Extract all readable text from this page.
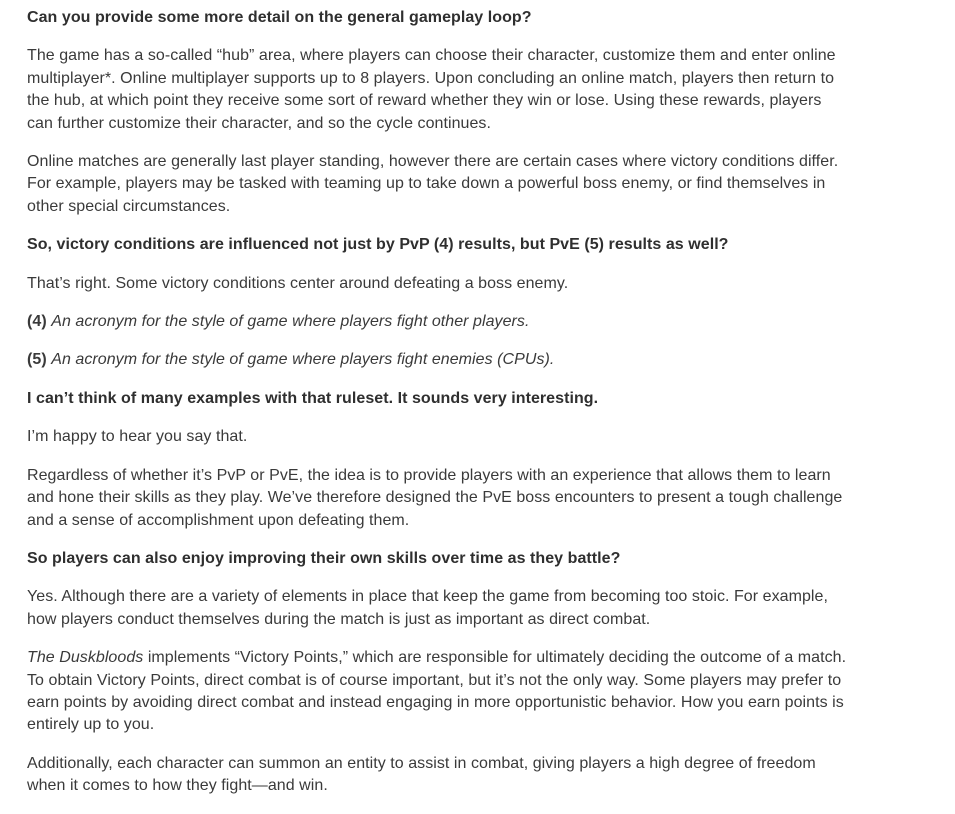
Can you provide some more detail on the general gameplay loop?

The game has a so-called “hub” area, where players can choose their character, customize them and enter online multiplayer*. Online multiplayer supports up to 8 players. Upon concluding an online match, players then return to the hub, at which point they receive some sort of reward whether they win or lose. Using these rewards, players can further customize their character, and so the cycle continues.

Online matches are generally last player standing, however there are certain cases where victory conditions differ. For example, players may be tasked with teaming up to take down a powerful boss enemy, or find themselves in other special circumstances.

So, victory conditions are influenced not just by PvP (4) results, but PvE (5) results as well?

That’s right. Some victory conditions center around defeating a boss enemy.

(4) An acronym for the style of game where players fight other players.

(5) An acronym for the style of game where players fight enemies (CPUs).

I can’t think of many examples with that ruleset. It sounds very interesting.

I’m happy to hear you say that.

Regardless of whether it’s PvP or PvE, the idea is to provide players with an experience that allows them to learn and hone their skills as they play. We’ve therefore designed the PvE boss encounters to present a tough challenge and a sense of accomplishment upon defeating them.

So players can also enjoy improving their own skills over time as they battle?

Yes. Although there are a variety of elements in place that keep the game from becoming too stoic. For example, how players conduct themselves during the match is just as important as direct combat.

The Duskbloods implements “Victory Points,” which are responsible for ultimately deciding the outcome of a match. To obtain Victory Points, direct combat is of course important, but it’s not the only way. Some players may prefer to earn points by avoiding direct combat and instead engaging in more opportunistic behavior. How you earn points is entirely up to you.

Additionally, each character can summon an entity to assist in combat, giving players a high degree of freedom when it comes to how they fight—and win.
